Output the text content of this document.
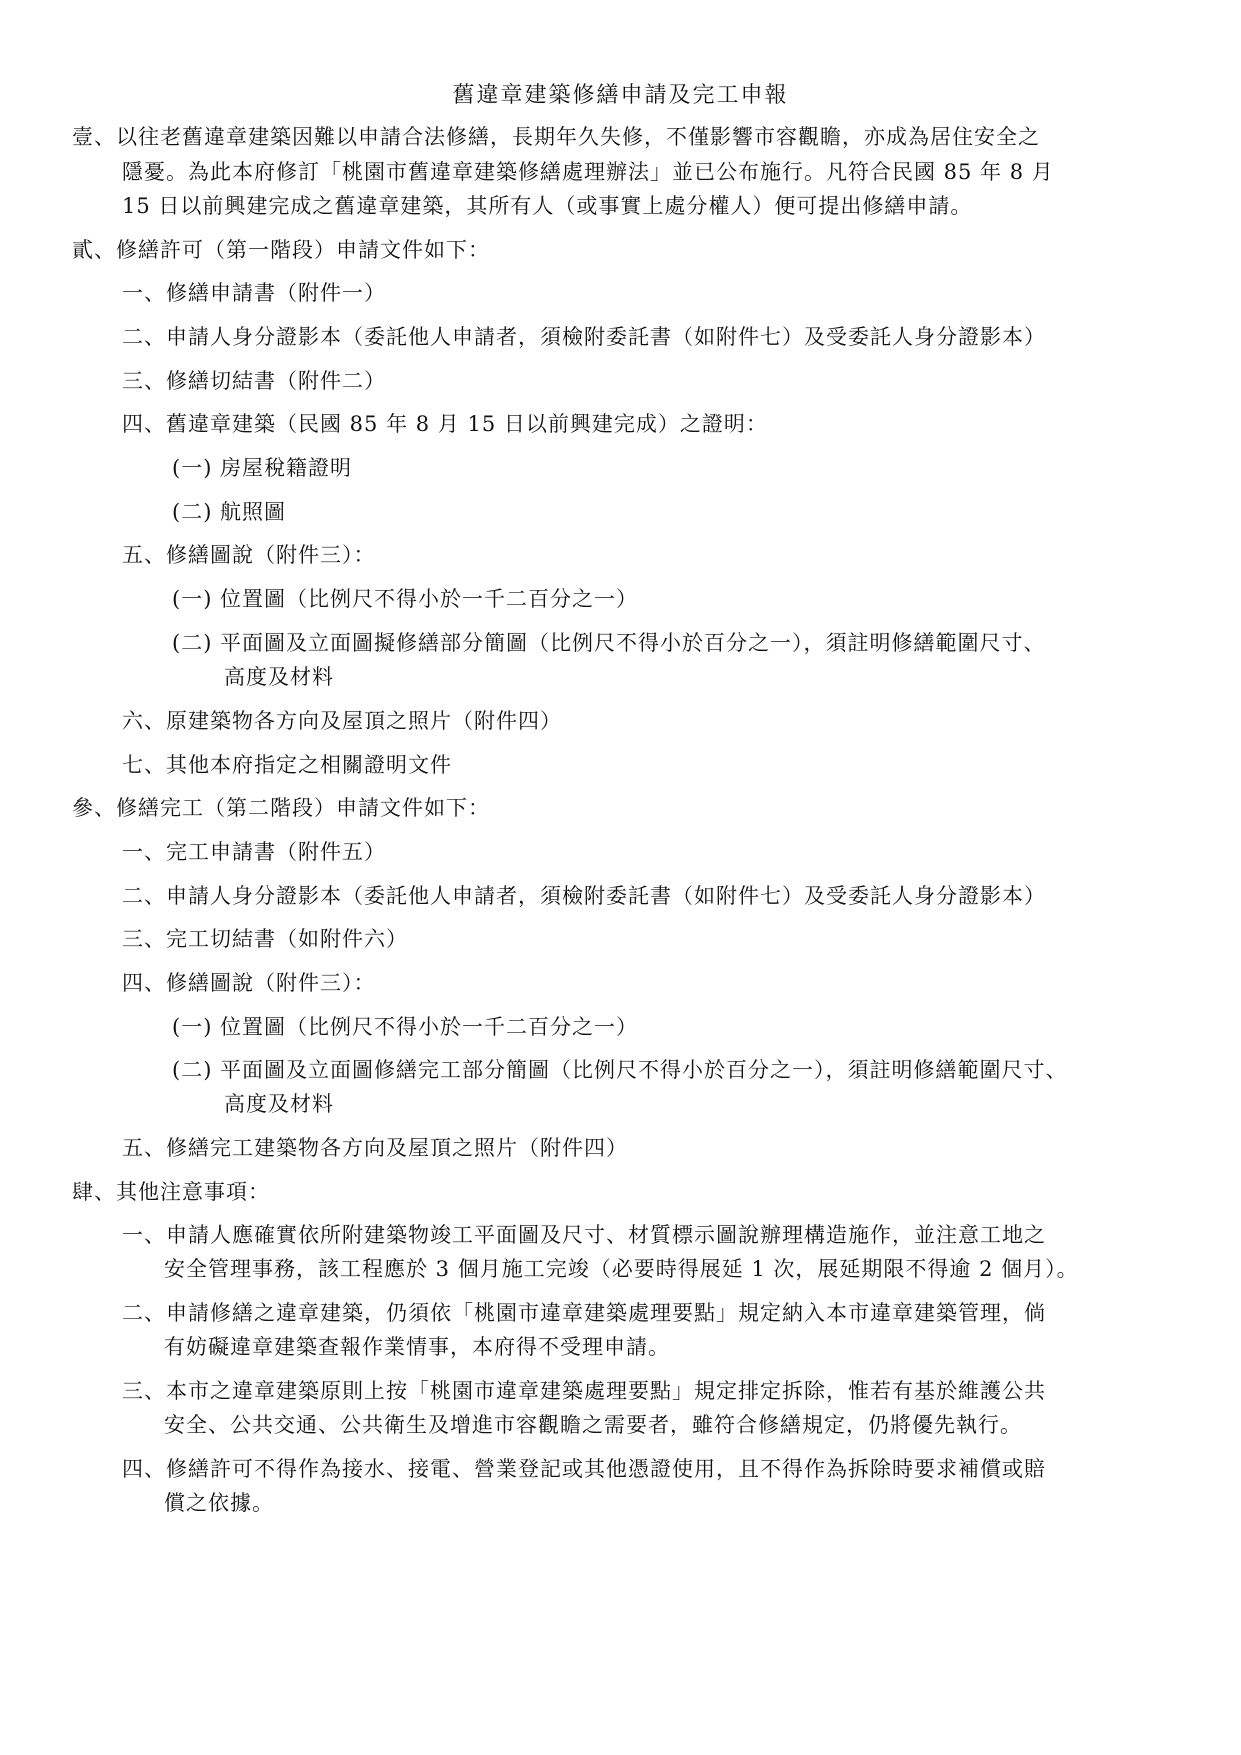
舊違章建築修繕申請及完工申報
壹、以往老舊違章建築因難以申請合法修繕，長期年久失修，不僅影響市容觀瞻，亦成為居住安全之
隱憂。為此本府修訂「桃園市舊違章建築修繕處理辦法」並已公布施行。凡符合民國 85 年 8 月
15 日以前興建完成之舊違章建築，其所有人（或事實上處分權人）便可提出修繕申請。
貳、修繕許可（第一階段）申請文件如下：
一、修繕申請書（附件一）
二、申請人身分證影本（委託他人申請者，須檢附委託書（如附件七）及受委託人身分證影本）
三、修繕切結書（附件二）
四、舊違章建築（民國 85 年 8 月 15 日以前興建完成）之證明：
(一) 房屋稅籍證明
(二) 航照圖
五、修繕圖說（附件三）：
(一) 位置圖（比例尺不得小於一千二百分之一）
(二) 平面圖及立面圖擬修繕部分簡圖（比例尺不得小於百分之一），須註明修繕範圍尺寸、
高度及材料
六、原建築物各方向及屋頂之照片（附件四）
七、其他本府指定之相關證明文件
參、修繕完工（第二階段）申請文件如下：
一、完工申請書（附件五）
二、申請人身分證影本（委託他人申請者，須檢附委託書（如附件七）及受委託人身分證影本）
三、完工切結書（如附件六）
四、修繕圖說（附件三）：
(一) 位置圖（比例尺不得小於一千二百分之一）
(二) 平面圖及立面圖修繕完工部分簡圖（比例尺不得小於百分之一），須註明修繕範圍尺寸、
高度及材料
五、修繕完工建築物各方向及屋頂之照片（附件四）
肆、其他注意事項：
一、申請人應確實依所附建築物竣工平面圖及尺寸、材質標示圖說辦理構造施作，並注意工地之
安全管理事務，該工程應於 3 個月施工完竣（必要時得展延 1 次，展延期限不得逾 2 個月）。
二、申請修繕之違章建築，仍須依「桃園市違章建築處理要點」規定納入本市違章建築管理，倘
有妨礙違章建築查報作業情事，本府得不受理申請。
三、本市之違章建築原則上按「桃園市違章建築處理要點」規定排定拆除，惟若有基於維護公共
安全、公共交通、公共衛生及增進市容觀瞻之需要者，雖符合修繕規定，仍將優先執行。
四、修繕許可不得作為接水、接電、營業登記或其他憑證使用，且不得作為拆除時要求補償或賠
償之依據。
